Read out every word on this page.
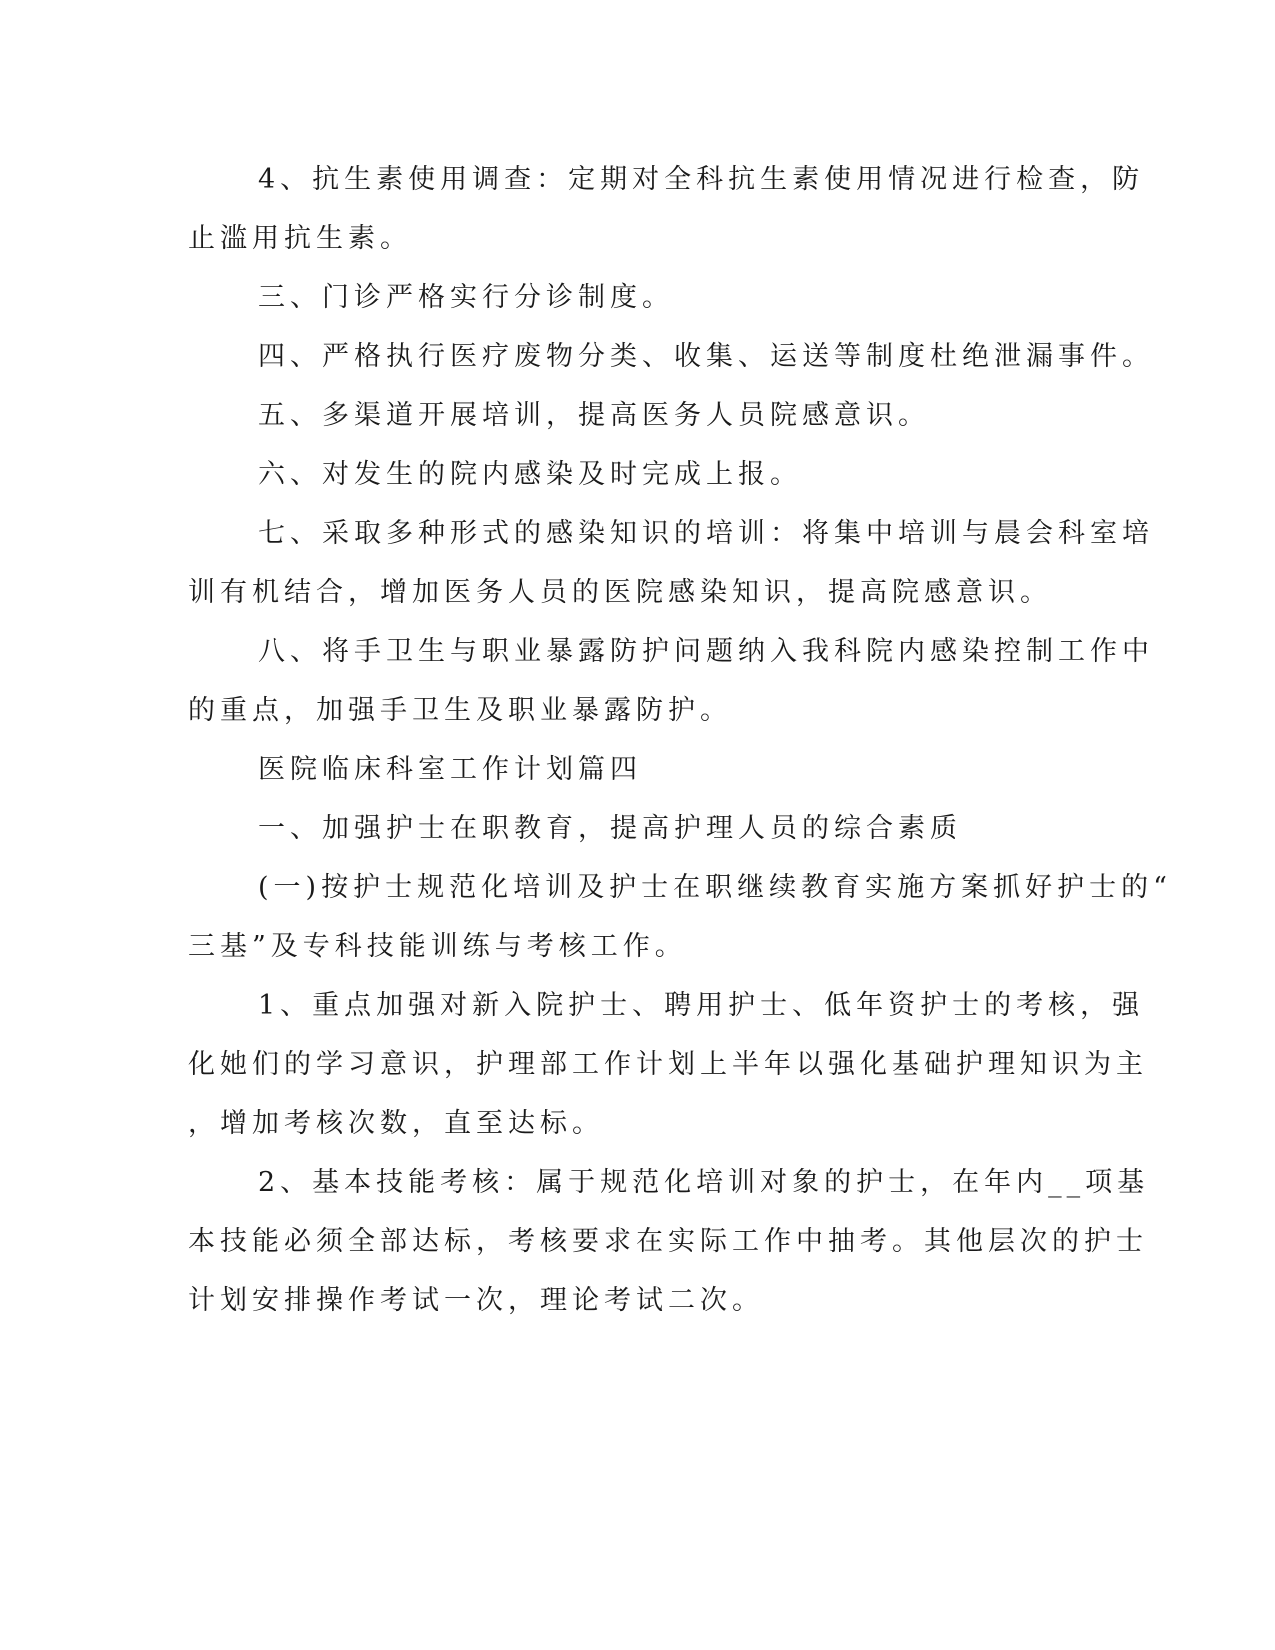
4、抗生素使用调查：定期对全科抗生素使用情况进行检查，防
止滥用抗生素。
三、门诊严格实行分诊制度。
四、严格执行医疗废物分类、收集、运送等制度杜绝泄漏事件。
五、多渠道开展培训，提高医务人员院感意识。
六、对发生的院内感染及时完成上报。
七、采取多种形式的感染知识的培训：将集中培训与晨会科室培
训有机结合，增加医务人员的医院感染知识，提高院感意识。
八、将手卫生与职业暴露防护问题纳入我科院内感染控制工作中
的重点，加强手卫生及职业暴露防护。
医院临床科室工作计划篇四
一、加强护士在职教育，提高护理人员的综合素质
(一)按护士规范化培训及护士在职继续教育实施方案抓好护士的“
三基”及专科技能训练与考核工作。
1、重点加强对新入院护士、聘用护士、低年资护士的考核，强
化她们的学习意识，护理部工作计划上半年以强化基础护理知识为主
，增加考核次数，直至达标。
2、基本技能考核：属于规范化培训对象的护士，在年内__项基
本技能必须全部达标，考核要求在实际工作中抽考。其他层次的护士
计划安排操作考试一次，理论考试二次。
